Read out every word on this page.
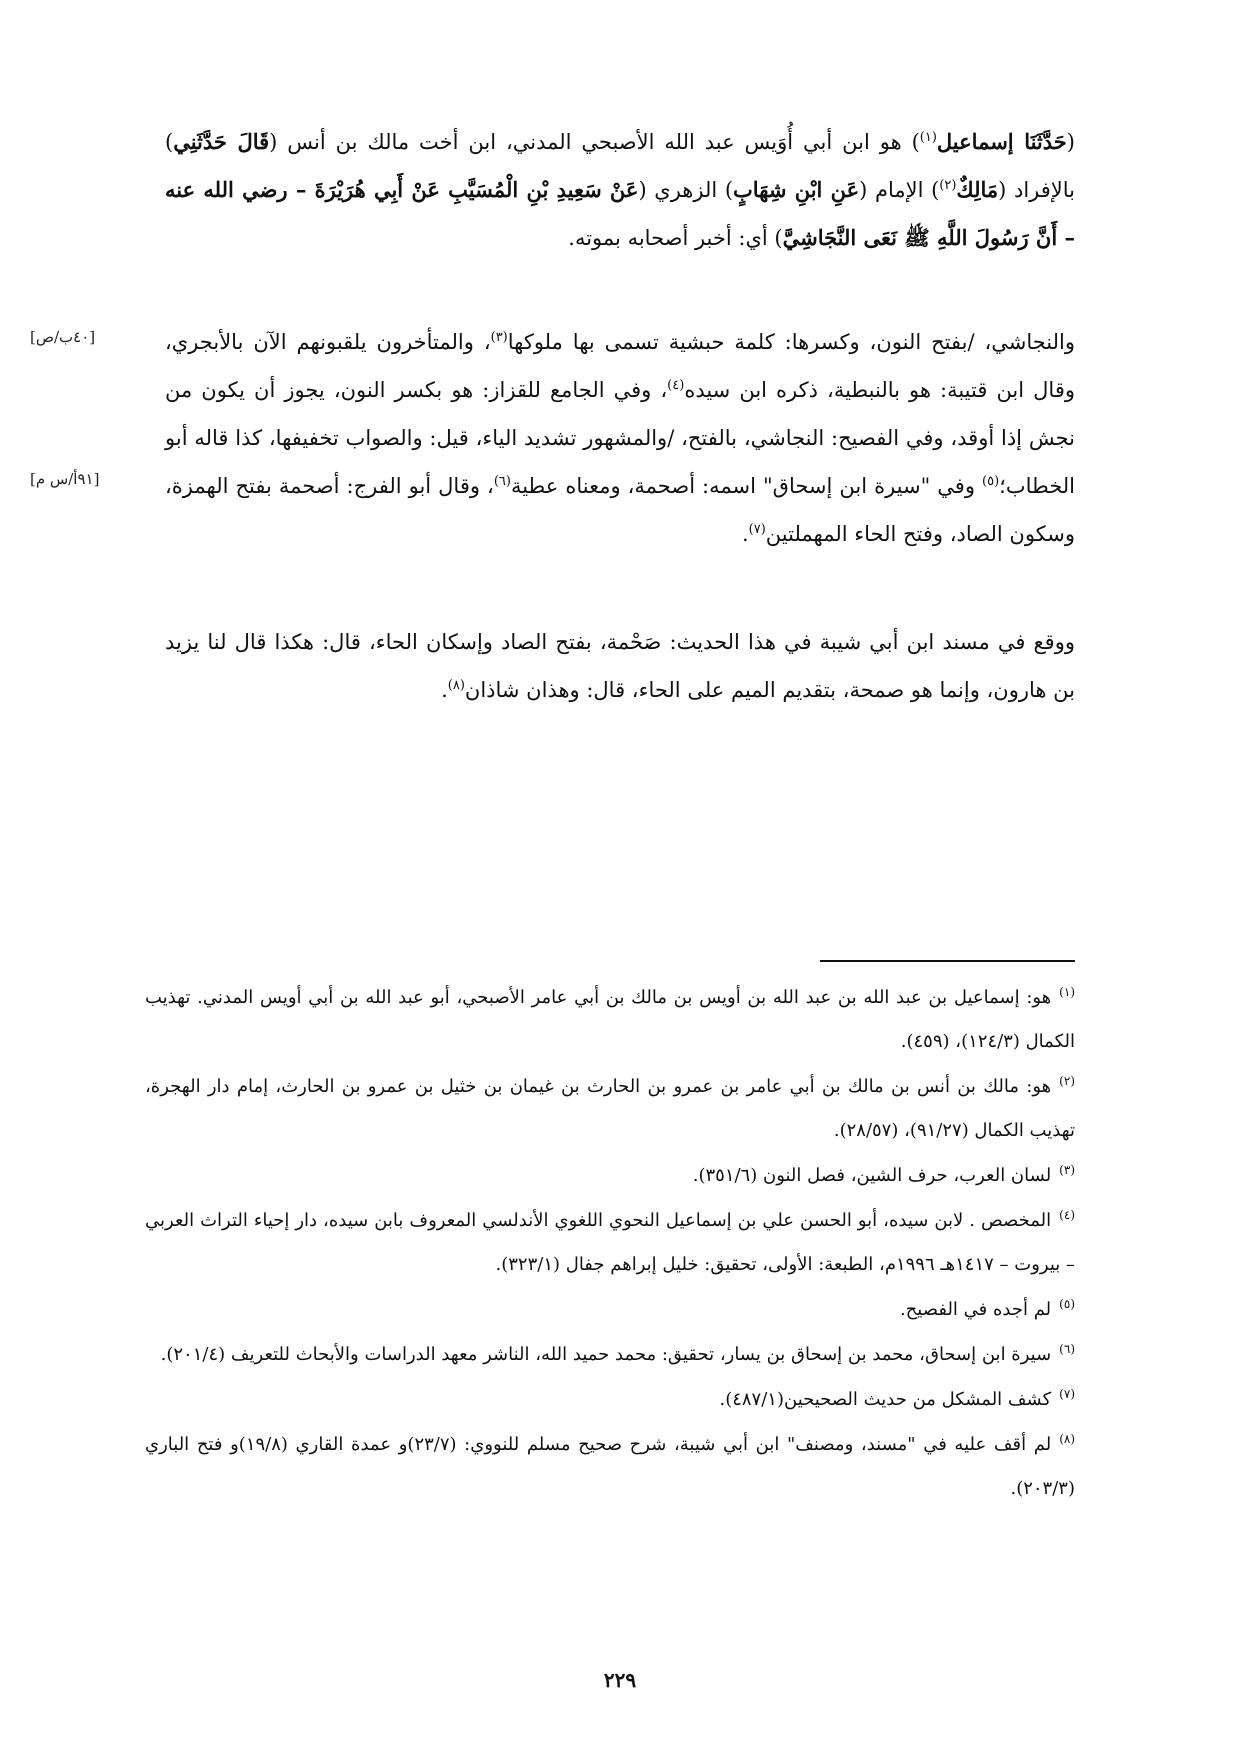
(حَدَّثَنَا إسماعيل$^{(١)}$) هو ابن أبي أُوَيس عبد الله الأصبحي المدني، ابن أخت مالك بن أنس (قَالَ حَدَّثَنِي) بالإفراد (مَالِكٌ$^{(٢)}$) الإمام (عَنِ ابْنِ شِهَابٍ) الزهري (عَنْ سَعِيدِ بْنِ الْمُسَيَّبِ عَنْ أَبِي هُرَيْرَةَ – رضي الله عنه – أَنَّ رَسُولَ اللَّهِ ﷺ نَعَى النَّجَاشِيَّ) أي: أخبر أصحابه بموته.
والنجاشي، /بفتح النون، وكسرها: كلمة حبشية تسمى بها ملوكها$^{(٣)}$، والمتأخرون يلقبونهم الآن بالأبجري، وقال ابن قتيبة: هو بالنبطية، ذكره ابن سيده$^{(٤)}$، وفي الجامع للقزاز: هو بكسر النون، يجوز أن يكون من نجش إذا أوقد، وفي الفصيح: النجاشي، بالفتح، /والمشهور تشديد الياء، قيل: والصواب تخفيفها، كذا قاله أبو الخطاب؛$^{(٥)}$ وفي "سيرة ابن إسحاق" اسمه: أصحمة، ومعناه عطية$^{(٦)}$، وقال أبو الفرج: أصحمة بفتح الهمزة، وسكون الصاد، وفتح الحاء المهملتين$^{(٧)}$.
ووقع في مسند ابن أبي شيبة في هذا الحديث: صَحْمة، بفتح الصاد وإسكان الحاء، قال: هكذا قال لنا يزيد بن هارون، وإنما هو صمحة، بتقديم الميم على الحاء، قال: وهذان شاذان$^{(٨)}$.
[٤٠ب/ص]
[٩١أ/س م]
$^{(١)}$هو: إسماعيل بن عبد الله بن عبد الله بن أويس بن مالك بن أبي عامر الأصبحي، أبو عبد الله بن أبي أويس المدني. تهذيب الكمال (١٢٤/٣)، (٤٥٩).
$^{(٢)}$هو: مالك بن أنس بن مالك بن أبي عامر بن عمرو بن الحارث بن غيمان بن خثيل بن عمرو بن الحارث، إمام دار الهجرة، تهذيب الكمال (٩١/٢٧)، (٢٨/٥٧).
$^{(٣)}$لسان العرب، حرف الشين، فصل النون (٣٥١/٦).
$^{(٤)}$المخصص . لابن سيده، أبو الحسن علي بن إسماعيل النحوي اللغوي الأندلسي المعروف بابن سيده، دار إحياء التراث العربي – بيروت – ١٤١٧هـ ١٩٩٦م، الطبعة: الأولى، تحقيق: خليل إبراهم جفال (٣٢٣/١).
$^{(٥)}$لم أجده في الفصيح.
$^{(٦)}$سيرة ابن إسحاق، محمد بن إسحاق بن يسار، تحقيق: محمد حميد الله، الناشر معهد الدراسات والأبحاث للتعريف (٢٠١/٤).
$^{(٧)}$كشف المشكل من حديث الصحيحين(٤٨٧/١).
$^{(٨)}$لم أقف عليه في "مسند، ومصنف" ابن أبي شيبة، شرح صحيح مسلم للنووي: (٢٣/٧)و عمدة القاري (١٩/٨)و فتح الباري (٢٠٣/٣).
٢٢٩
